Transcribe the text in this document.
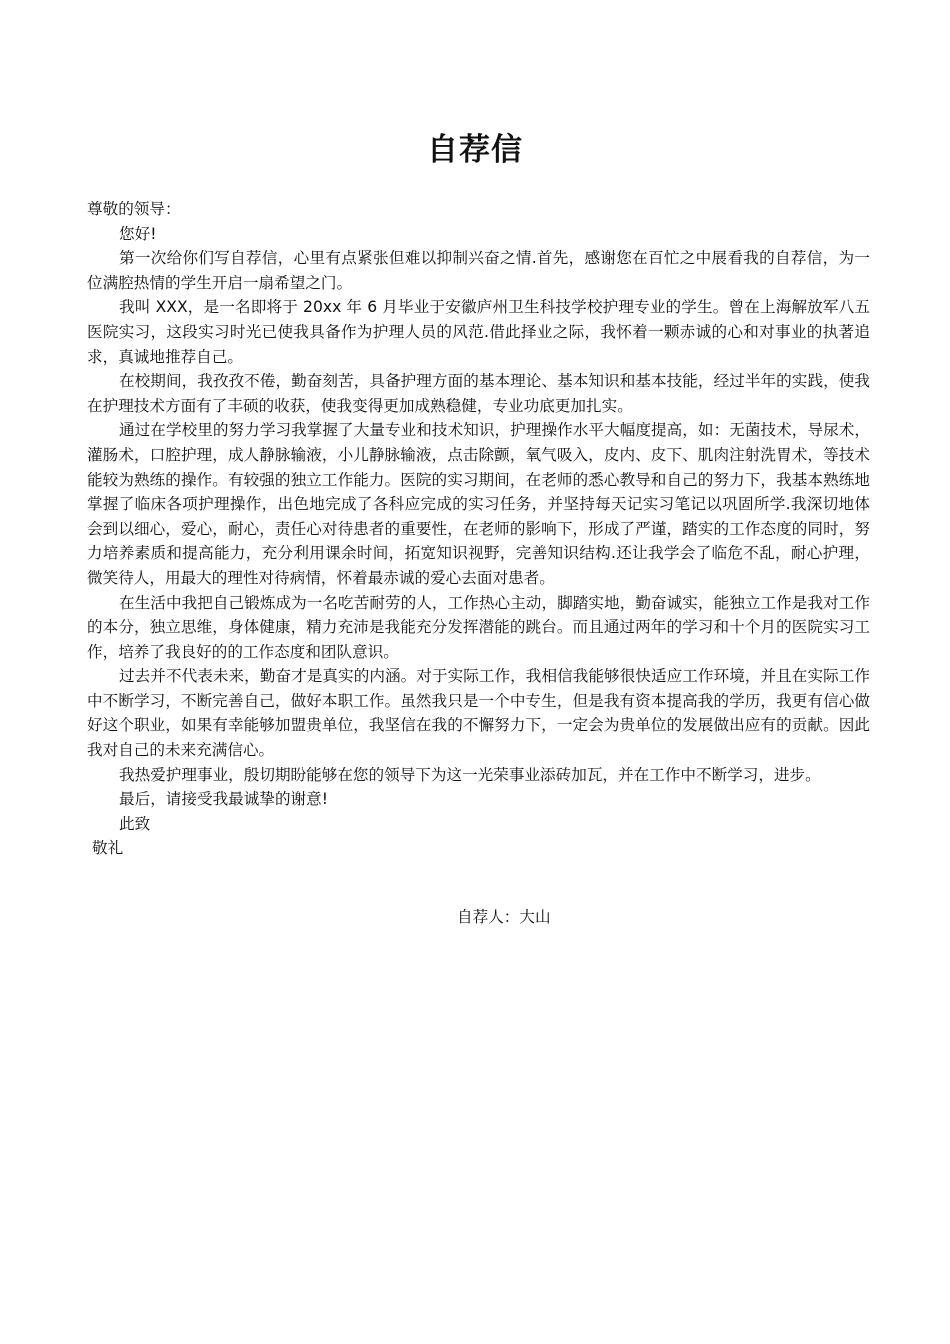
自荐信

尊敬的领导：

您好!

第一次给你们写自荐信，心里有点紧张但难以抑制兴奋之情.首先，感谢您在百忙之中展看我的自荐信，为一位满腔热情的学生开启一扇希望之门。

我叫 XXX，是一名即将于 20xx 年 6 月毕业于安徽庐州卫生科技学校护理专业的学生。曾在上海解放军八五医院实习，这段实习时光已使我具备作为护理人员的风范.借此择业之际，我怀着一颗赤诚的心和对事业的执著追求，真诚地推荐自己。

在校期间，我孜孜不倦，勤奋刻苦，具备护理方面的基本理论、基本知识和基本技能，经过半年的实践，使我在护理技术方面有了丰硕的收获，使我变得更加成熟稳健，专业功底更加扎实。

通过在学校里的努力学习我掌握了大量专业和技术知识，护理操作水平大幅度提高，如：无菌技术，导尿术，灌肠术，口腔护理，成人静脉输液，小儿静脉输液，点击除颤，氧气吸入，皮内、皮下、肌肉注射洗胃术，等技术能较为熟练的操作。有较强的独立工作能力。医院的实习期间，在老师的悉心教导和自己的努力下，我基本熟练地掌握了临床各项护理操作，出色地完成了各科应完成的实习任务，并坚持每天记实习笔记以巩固所学.我深切地体会到以细心，爱心，耐心，责任心对待患者的重要性，在老师的影响下，形成了严谨，踏实的工作态度的同时，努力培养素质和提高能力，充分利用课余时间，拓宽知识视野，完善知识结构.还让我学会了临危不乱，耐心护理，微笑待人，用最大的理性对待病情，怀着最赤诚的爱心去面对患者。

在生活中我把自己锻炼成为一名吃苦耐劳的人，工作热心主动，脚踏实地，勤奋诚实，能独立工作是我对工作的本分，独立思维，身体健康，精力充沛是我能充分发挥潜能的跳台。而且通过两年的学习和十个月的医院实习工作，培养了我良好的的工作态度和团队意识。

过去并不代表未来，勤奋才是真实的内涵。对于实际工作，我相信我能够很快适应工作环境，并且在实际工作中不断学习，不断完善自己，做好本职工作。虽然我只是一个中专生，但是我有资本提高我的学历，我更有信心做好这个职业，如果有幸能够加盟贵单位，我坚信在我的不懈努力下，一定会为贵单位的发展做出应有的贡献。因此我对自己的未来充满信心。

我热爱护理事业，殷切期盼能够在您的领导下为这一光荣事业添砖加瓦，并在工作中不断学习，进步。

最后，请接受我最诚挚的谢意!

此致

敬礼

自荐人：大山
